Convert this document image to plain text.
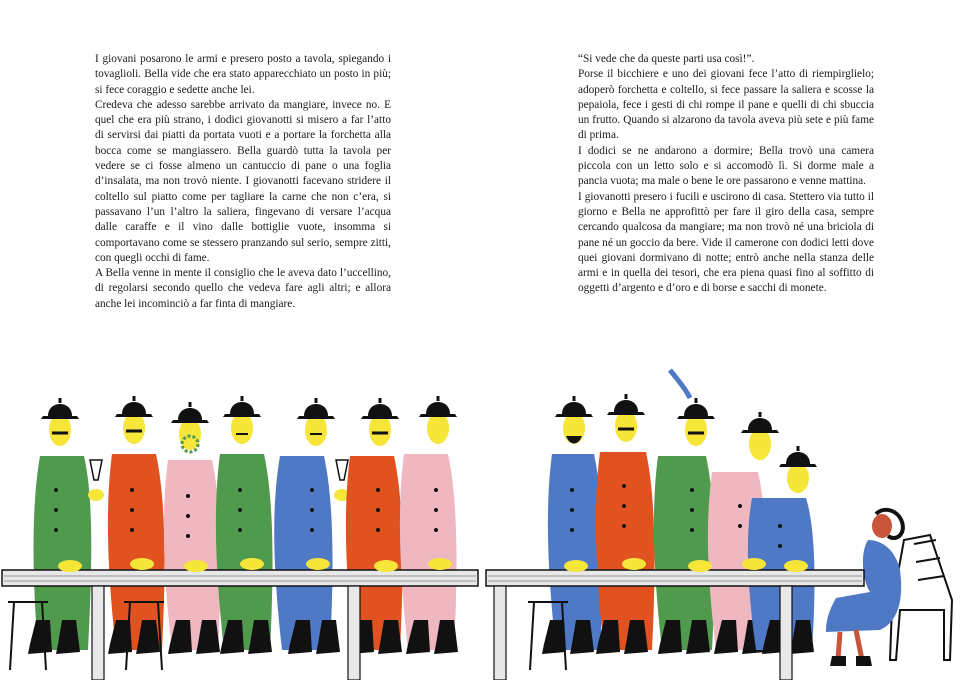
I giovani posarono le armi e presero posto a tavola, spiegando i tovaglioli. Bella vide che era stato apparecchiato un posto in più; si fece coraggio e sedette anche lei.

Credeva che adesso sarebbe arrivato da mangiare, invece no. E quel che era più strano, i dodici giovanotti si misero a far l’atto di servirsi dai piatti da portata vuoti e a portare la forchetta alla bocca come se mangiassero. Bella guardò tutta la tavola per vedere se ci fosse almeno un cantuccio di pane o una foglia d’insalata, ma non trovò niente. I giovanotti facevano stridere il coltello sul piatto come per tagliare la carne che non c’era, si passavano l’un l’altro la saliera, fingevano di versare l’acqua dalle caraffe e il vino dalle bottiglie vuote, insomma si comportavano come se stessero pranzando sul serio, sempre zitti, con quegli occhi di fame.

A Bella venne in mente il consiglio che le aveva dato l’uccellino, di regolarsi secondo quello che vedeva fare agli altri; e allora anche lei incominciò a far finta di mangiare.

“Si vede che da queste parti usa così!”.

Porse il bicchiere e uno dei giovani fece l’atto di riempirglielo; adoperò forchetta e coltello, si fece passare la saliera e scosse la pepaiola, fece i gesti di chi rompe il pane e quelli di chi sbuccia un frutto. Quando si alzarono da tavola aveva più sete e più fame di prima.

I dodici se ne andarono a dormire; Bella trovò una camera piccola con un letto solo e si accomodò lì. Si dorme male a pancia vuota; ma male o bene le ore passarono e venne mattina.

I giovanotti presero i fucili e uscirono di casa. Stettero via tutto il giorno e Bella ne approfittò per fare il giro della casa, sempre cercando qualcosa da mangiare; ma non trovò né una briciola di pane né un goccio da bere. Vide il camerone con dodici letti dove quei giovani dormivano di notte; entrò anche nella stanza delle armi e in quella dei tesori, che era piena quasi fino al soffitto di oggetti d’argento e d’oro e di borse e sacchi di monete.
